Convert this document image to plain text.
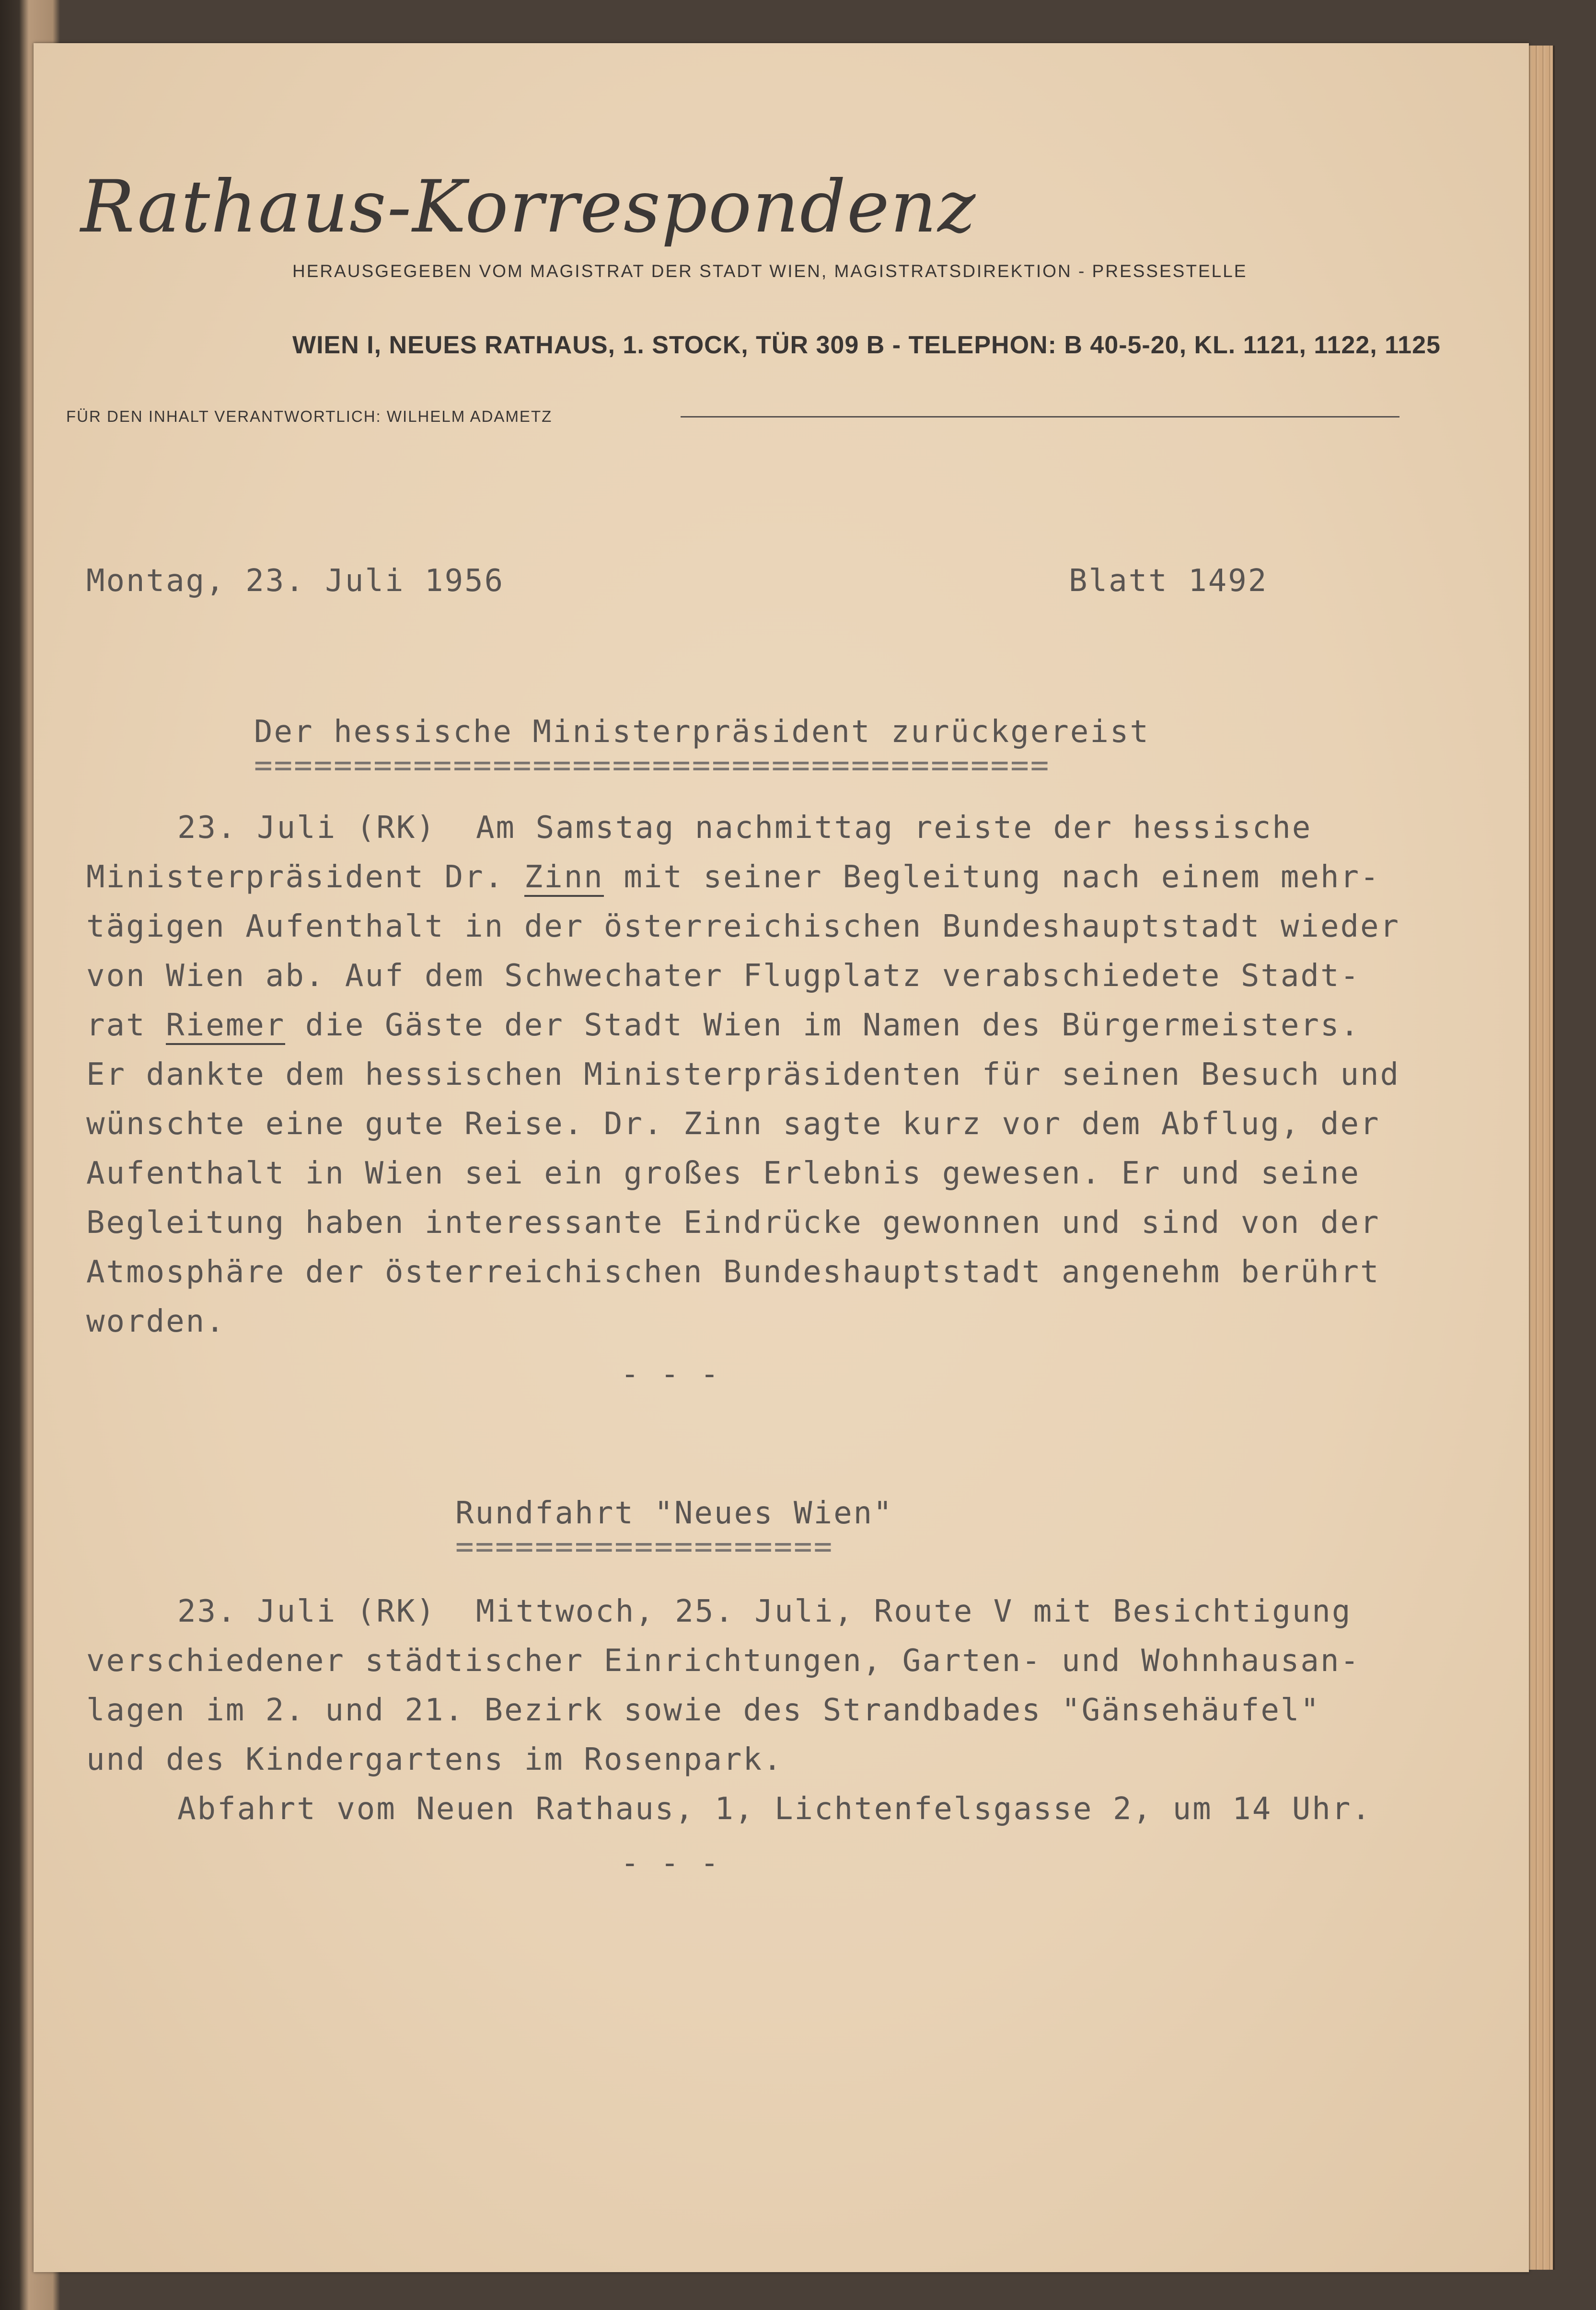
Rathaus-Korrespondenz
HERAUSGEGEBEN VOM MAGISTRAT DER STADT WIEN, MAGISTRATSDIREKTION - PRESSESTELLE
WIEN I, NEUES RATHAUS, 1. STOCK, TÜR 309 B - TELEPHON: B 40-5-20, KL. 1121, 1122, 1125
FÜR DEN INHALT VERANTWORTLICH: WILHELM ADAMETZ
Montag, 23. Juli 1956	Blatt 1492
Der hessische Ministerpräsident zurückgereist
========================================
23. Juli (RK)  Am Samstag nachmittag reiste der hessische
Ministerpräsident Dr. Zinn mit seiner Begleitung nach einem mehr-
tägigen Aufenthalt in der österreichischen Bundeshauptstadt wieder
von Wien ab. Auf dem Schwechater Flugplatz verabschiedete Stadt-
rat Riemer die Gäste der Stadt Wien im Namen des Bürgermeisters.
Er dankte dem hessischen Ministerpräsidenten für seinen Besuch und
wünschte eine gute Reise. Dr. Zinn sagte kurz vor dem Abflug, der
Aufenthalt in Wien sei ein großes Erlebnis gewesen. Er und seine
Begleitung haben interessante Eindrücke gewonnen und sind von der
Atmosphäre der österreichischen Bundeshauptstadt angenehm berührt
worden.
- - -
Rundfahrt "Neues Wien"
===================
23. Juli (RK)  Mittwoch, 25. Juli, Route V mit Besichtigung
verschiedener städtischer Einrichtungen, Garten- und Wohnhausan-
lagen im 2. und 21. Bezirk sowie des Strandbades "Gänsehäufel"
und des Kindergartens im Rosenpark.
Abfahrt vom Neuen Rathaus, 1, Lichtenfelsgasse 2, um 14 Uhr.
- - -
